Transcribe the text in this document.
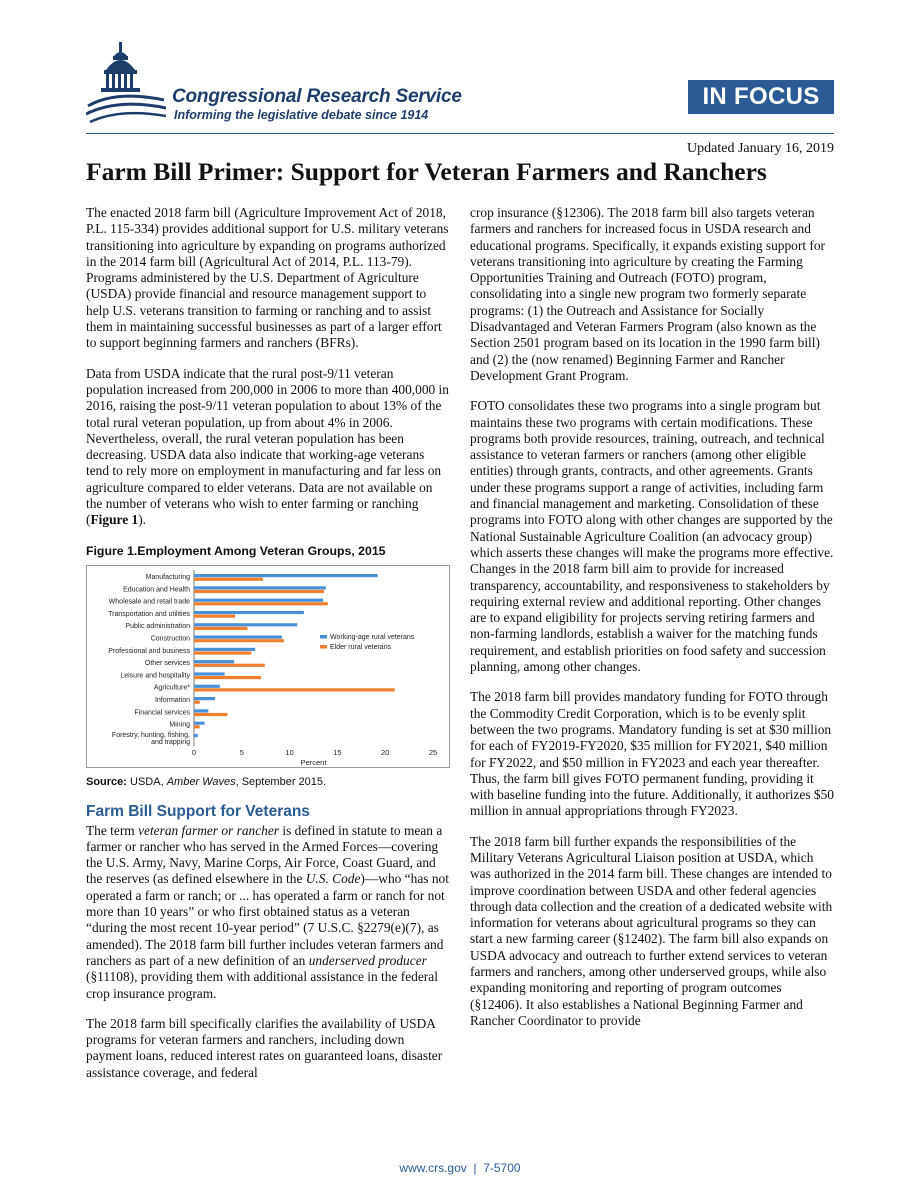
Congressional Research Service
Informing the legislative debate since 1914
IN FOCUS
Updated January 16, 2019
Farm Bill Primer: Support for Veteran Farmers and Ranchers

The enacted 2018 farm bill (Agriculture Improvement Act of 2018, P.L. 115-334) provides additional support for U.S. military veterans transitioning into agriculture by expanding on programs authorized in the 2014 farm bill (Agricultural Act of 2014, P.L. 113-79). Programs administered by the U.S. Department of Agriculture (USDA) provide financial and resource management support to help U.S. veterans transition to farming or ranching and to assist them in maintaining successful businesses as part of a larger effort to support beginning farmers and ranchers (BFRs).

Data from USDA indicate that the rural post-9/11 veteran population increased from 200,000 in 2006 to more than 400,000 in 2016, raising the post-9/11 veteran population to about 13% of the total rural veteran population, up from about 4% in 2006. Nevertheless, overall, the rural veteran population has been decreasing. USDA data also indicate that working-age veterans tend to rely more on employment in manufacturing and far less on agriculture compared to elder veterans. Data are not available on the number of veterans who wish to enter farming or ranching (Figure 1).

Figure 1.Employment Among Veteran Groups, 2015
Manufacturing
Education and Health
Wholesale and retail trade
Transportation and utilities
Public administration
Construction
Professional and business
Other services
Leisure and hospitality
Agriculture*
Information
Financial services
Mining
Forestry, hunting, fishing,
and trapping
0	5	10	15	20	25
Percent
Working-age rural veterans
Elder rural veterans
Source: USDA, Amber Waves, September 2015.
Farm Bill Support for Veterans

The term veteran farmer or rancher is defined in statute to mean a farmer or rancher who has served in the Armed Forces—covering the U.S. Army, Navy, Marine Corps, Air Force, Coast Guard, and the reserves (as defined elsewhere in the U.S. Code)—who “has not operated a farm or ranch; or ... has operated a farm or ranch for not more than 10 years” or who first obtained status as a veteran “during the most recent 10-year period” (7 U.S.C. §2279(e)(7), as amended). The 2018 farm bill further includes veteran farmers and ranchers as part of a new definition of an underserved producer (§11108), providing them with additional assistance in the federal crop insurance program.

The 2018 farm bill specifically clarifies the availability of USDA programs for veteran farmers and ranchers, including down payment loans, reduced interest rates on guaranteed loans, disaster assistance coverage, and federal

crop insurance (§12306). The 2018 farm bill also targets veteran farmers and ranchers for increased focus in USDA research and educational programs. Specifically, it expands existing support for veterans transitioning into agriculture by creating the Farming Opportunities Training and Outreach (FOTO) program, consolidating into a single new program two formerly separate programs: (1) the Outreach and Assistance for Socially Disadvantaged and Veteran Farmers Program (also known as the Section 2501 program based on its location in the 1990 farm bill) and (2) the (now renamed) Beginning Farmer and Rancher Development Grant Program.

FOTO consolidates these two programs into a single program but maintains these two programs with certain modifications. These programs both provide resources, training, outreach, and technical assistance to veteran farmers or ranchers (among other eligible entities) through grants, contracts, and other agreements. Grants under these programs support a range of activities, including farm and financial management and marketing. Consolidation of these programs into FOTO along with other changes are supported by the National Sustainable Agriculture Coalition (an advocacy group) which asserts these changes will make the programs more effective. Changes in the 2018 farm bill aim to provide for increased transparency, accountability, and responsiveness to stakeholders by requiring external review and additional reporting. Other changes are to expand eligibility for projects serving retiring farmers and non-farming landlords, establish a waiver for the matching funds requirement, and establish priorities on food safety and succession planning, among other changes.

The 2018 farm bill provides mandatory funding for FOTO through the Commodity Credit Corporation, which is to be evenly split between the two programs. Mandatory funding is set at $30 million for each of FY2019-FY2020, $35 million for FY2021, $40 million for FY2022, and $50 million in FY2023 and each year thereafter. Thus, the farm bill gives FOTO permanent funding, providing it with baseline funding into the future. Additionally, it authorizes $50 million in annual appropriations through FY2023.

The 2018 farm bill further expands the responsibilities of the Military Veterans Agricultural Liaison position at USDA, which was authorized in the 2014 farm bill. These changes are intended to improve coordination between USDA and other federal agencies through data collection and the creation of a dedicated website with information for veterans about agricultural programs so they can start a new farming career (§12402). The farm bill also expands on USDA advocacy and outreach to further extend services to veteran farmers and ranchers, among other underserved groups, while also expanding monitoring and reporting of program outcomes (§12406). It also establishes a National Beginning Farmer and Rancher Coordinator to provide

www.crs.gov  |  7-5700
